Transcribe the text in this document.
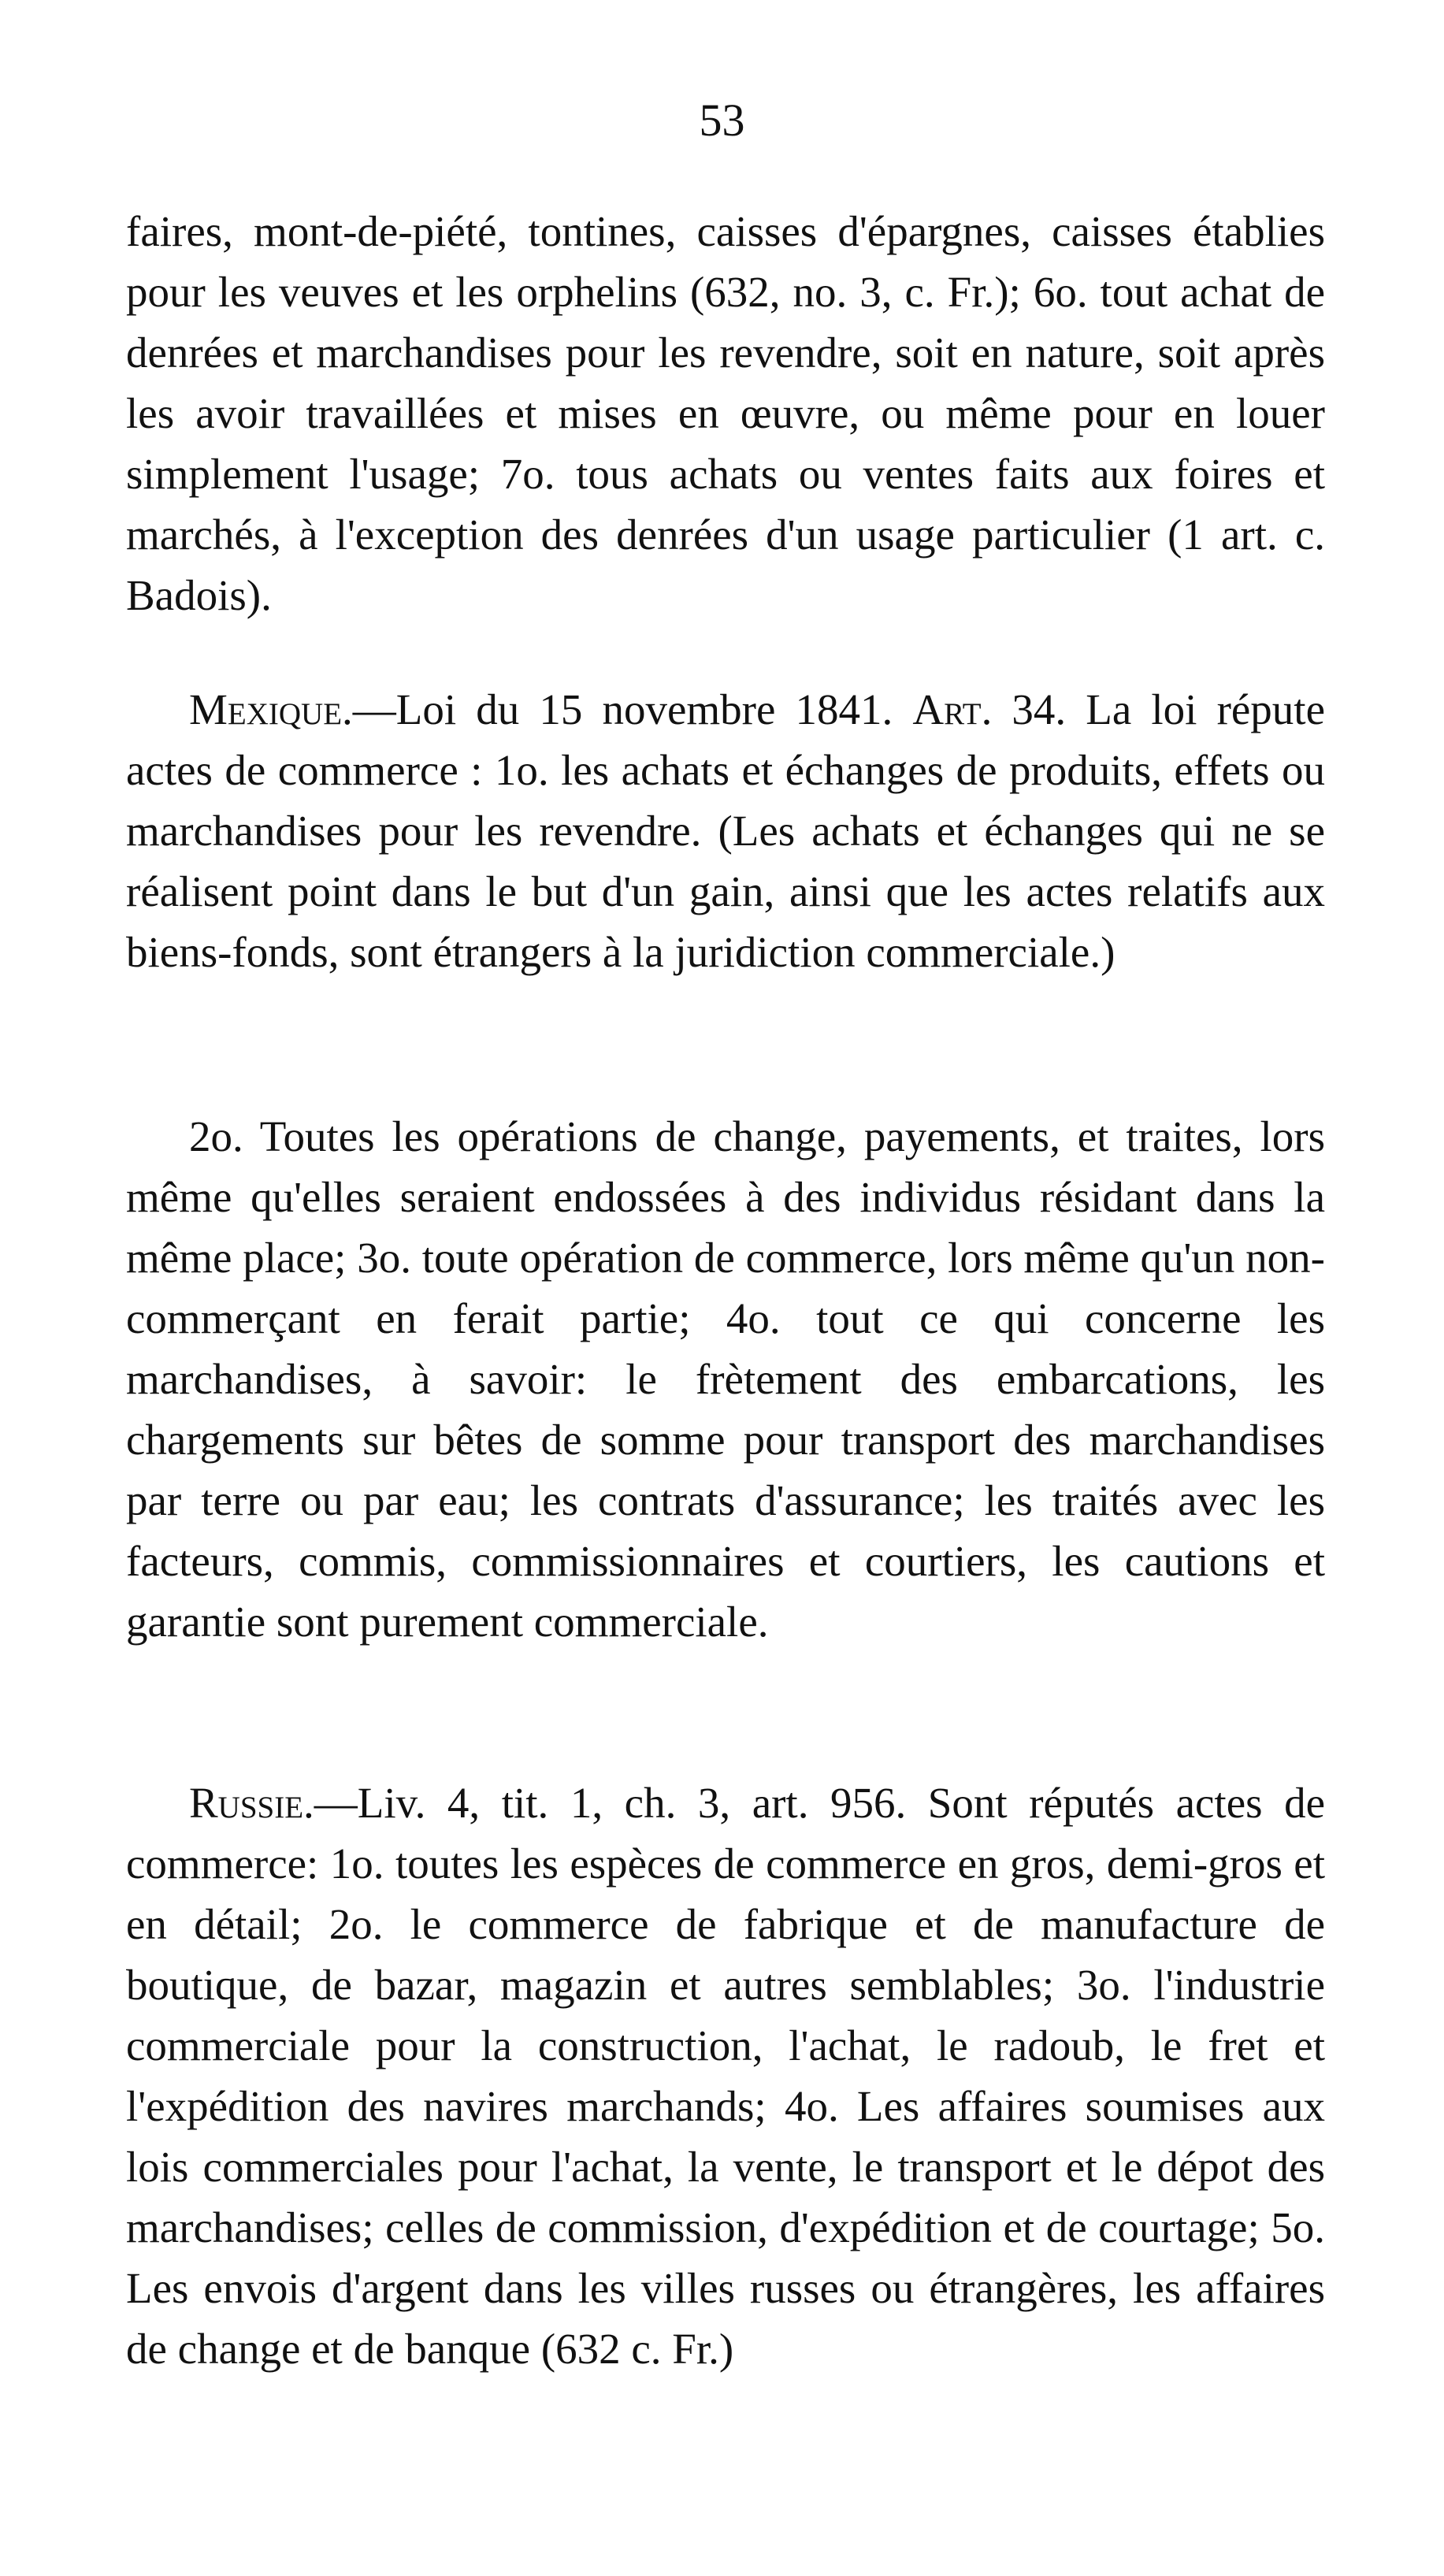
53

faires, mont-de-piété, tontines, caisses d'épargnes, caisses établies pour les veuves et les orphelins (632, no. 3, c. Fr.); 6o. tout achat de denrées et marchandises pour les revendre, soit en nature, soit après les avoir travaillées et mises en œuvre, ou même pour en louer simplement l'usage; 7o. tous achats ou ventes faits aux foires et marchés, à l'exception des denrées d'un usage particulier (1 art. c. Badois).

Mexique.—Loi du 15 novembre 1841. Art. 34. La loi répute actes de commerce : 1o. les achats et échanges de produits, effets ou marchandises pour les revendre. (Les achats et échanges qui ne se réalisent point dans le but d'un gain, ainsi que les actes relatifs aux biens-fonds, sont étrangers à la juridiction commerciale.)

2o. Toutes les opérations de change, payements, et traites, lors même qu'elles seraient endossées à des individus résidant dans la même place; 3o. toute opération de commerce, lors même qu'un non-commerçant en ferait partie; 4o. tout ce qui concerne les marchandises, à savoir: le frètement des embarcations, les chargements sur bêtes de somme pour transport des marchandises par terre ou par eau; les contrats d'assurance; les traités avec les facteurs, commis, commissionnaires et courtiers, les cautions et garantie sont purement commerciale.

Russie.—Liv. 4, tit. 1, ch. 3, art. 956. Sont réputés actes de commerce: 1o. toutes les espèces de commerce en gros, demi-gros et en détail; 2o. le commerce de fabrique et de manufacture de boutique, de bazar, magazin et autres semblables; 3o. l'industrie commerciale pour la construction, l'achat, le radoub, le fret et l'expédition des navires marchands; 4o. Les affaires soumises aux lois commerciales pour l'achat, la vente, le transport et le dépot des marchandises; celles de commission, d'expédition et de courtage; 5o. Les envois d'argent dans les villes russes ou étrangères, les affaires de change et de banque (632 c. Fr.)
